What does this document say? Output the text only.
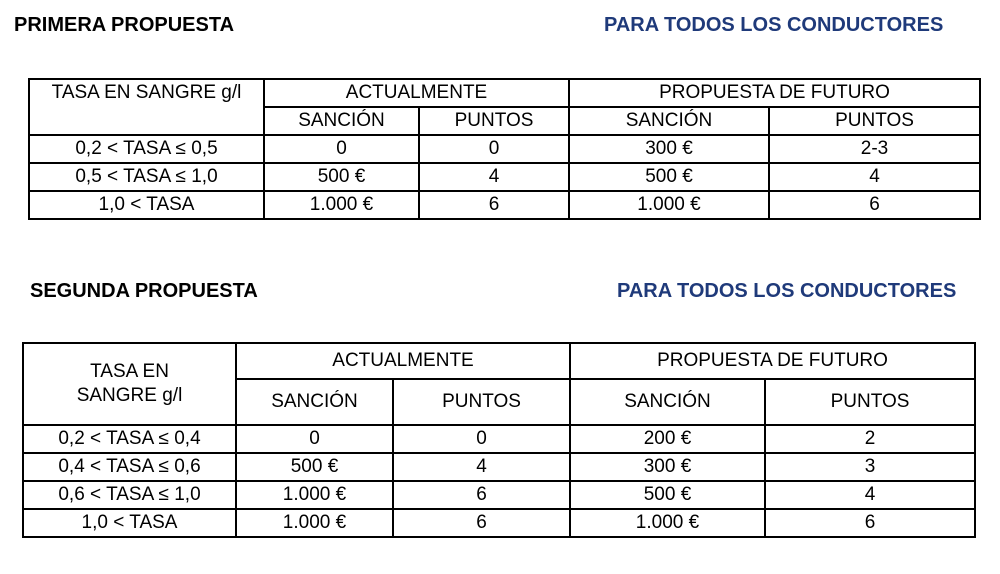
PRIMERA PROPUESTA	PARA TODOS LOS CONDUCTORES
TASA EN SANGRE g/l	ACTUALMENTE		PROPUESTA DE FUTURO	
	SANCIÓN	PUNTOS	SANCIÓN	PUNTOS
0,2 < TASA ≤ 0,5	0	0	300 €	2-3
0,5 < TASA ≤ 1,0	500 €	4	500 €	4
1,0 < TASA	1.000 €	6	1.000 €	6
SEGUNDA PROPUESTA	PARA TODOS LOS CONDUCTORES
TASA EN SANGRE g/l	ACTUALMENTE		PROPUESTA DE FUTURO	
	SANCIÓN	PUNTOS	SANCIÓN	PUNTOS
0,2 < TASA ≤ 0,4	0	0	200 €	2
0,4 < TASA ≤ 0,6	500 €	4	300 €	3
0,6 < TASA ≤ 1,0	1.000 €	6	500 €	4
1,0 < TASA	1.000 €	6	1.000 €	6
